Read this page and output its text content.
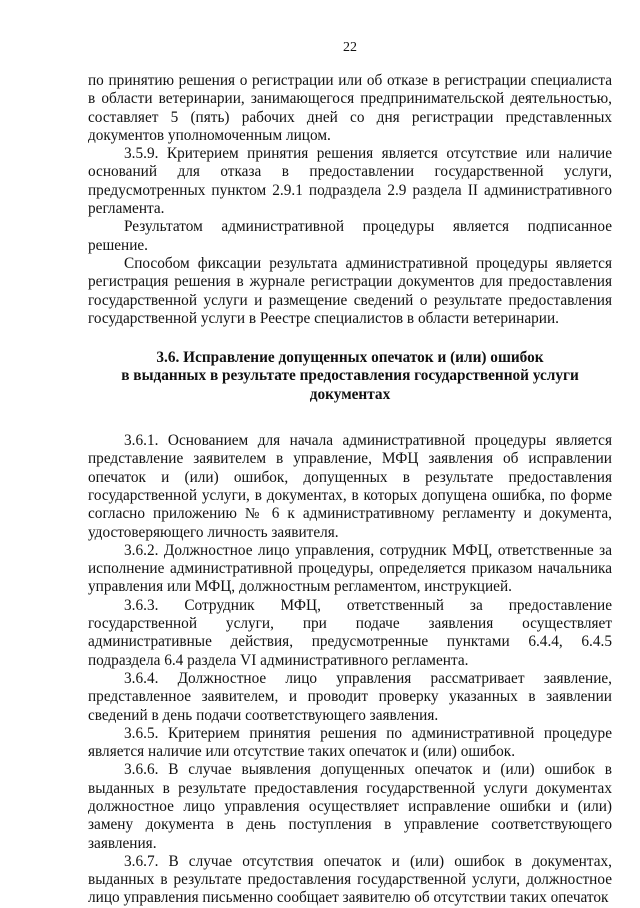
22

по принятию решения о регистрации или об отказе в регистрации специалиста в области ветеринарии, занимающегося предпринимательской деятельностью, составляет 5 (пять) рабочих дней со дня регистрации представленных документов уполномоченным лицом.

3.5.9. Критерием принятия решения является отсутствие или наличие оснований для отказа в предоставлении государственной услуги, предусмотренных пунктом 2.9.1 подраздела 2.9 раздела II административного регламента.

Результатом административной процедуры является подписанное решение.

Способом фиксации результата административной процедуры является регистрация решения в журнале регистрации документов для предоставления государственной услуги и размещение сведений о результате предоставления государственной услуги в Реестре специалистов в области ветеринарии.

3.6. Исправление допущенных опечаток и (или) ошибок
в выданных в результате предоставления государственной услуги
документах

3.6.1. Основанием для начала административной процедуры является представление заявителем в управление, МФЦ заявления об исправлении опечаток и (или) ошибок, допущенных в результате предоставления государственной услуги, в документах, в которых допущена ошибка, по форме согласно приложению № 6 к административному регламенту и документа, удостоверяющего личность заявителя.

3.6.2. Должностное лицо управления, сотрудник МФЦ, ответственные за исполнение административной процедуры, определяется приказом начальника управления или МФЦ, должностным регламентом, инструкцией.

3.6.3. Сотрудник МФЦ, ответственный за предоставление государственной услуги, при подаче заявления осуществляет административные действия, предусмотренные пунктами 6.4.4, 6.4.5 подраздела 6.4 раздела VI административного регламента.

3.6.4. Должностное лицо управления рассматривает заявление, представленное заявителем, и проводит проверку указанных в заявлении сведений в день подачи соответствующего заявления.

3.6.5. Критерием принятия решения по административной процедуре является наличие или отсутствие таких опечаток и (или) ошибок.

3.6.6. В случае выявления допущенных опечаток и (или) ошибок в выданных в результате предоставления государственной услуги документах должностное лицо управления осуществляет исправление ошибки и (или) замену документа в день поступления в управление соответствующего заявления.

3.6.7. В случае отсутствия опечаток и (или) ошибок в документах, выданных в результате предоставления государственной услуги, должностное лицо управления письменно сообщает заявителю об отсутствии таких опечаток
